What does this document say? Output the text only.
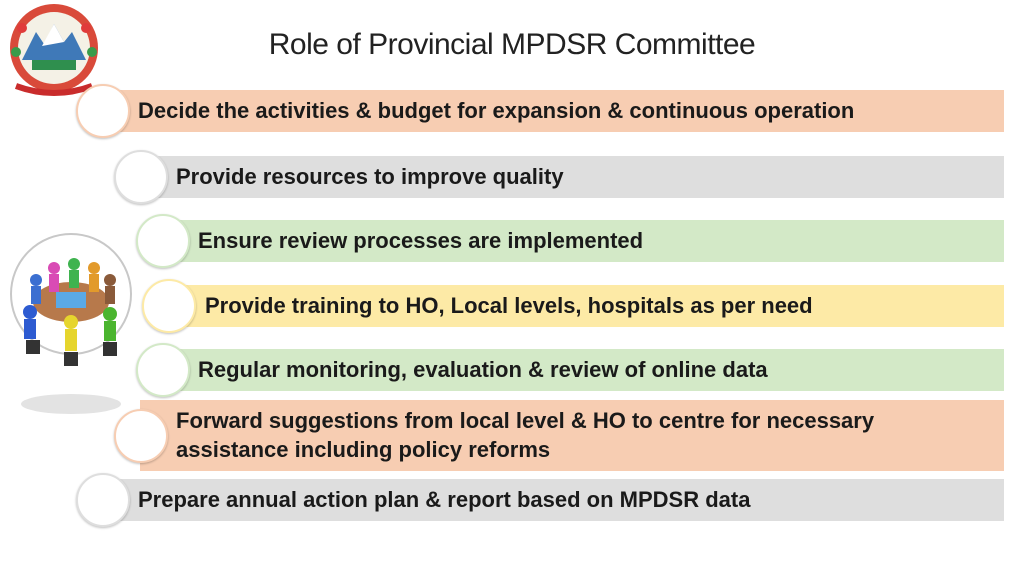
Role of Provincial MPDSR Committee
Decide the activities & budget for expansion & continuous operation
Provide resources to improve quality
Ensure review processes are implemented
Provide training to HO, Local levels, hospitals as per need
Regular monitoring, evaluation & review of online data
Forward suggestions from local level & HO to centre for necessary assistance including policy reforms
Prepare annual action plan & report based on MPDSR data
